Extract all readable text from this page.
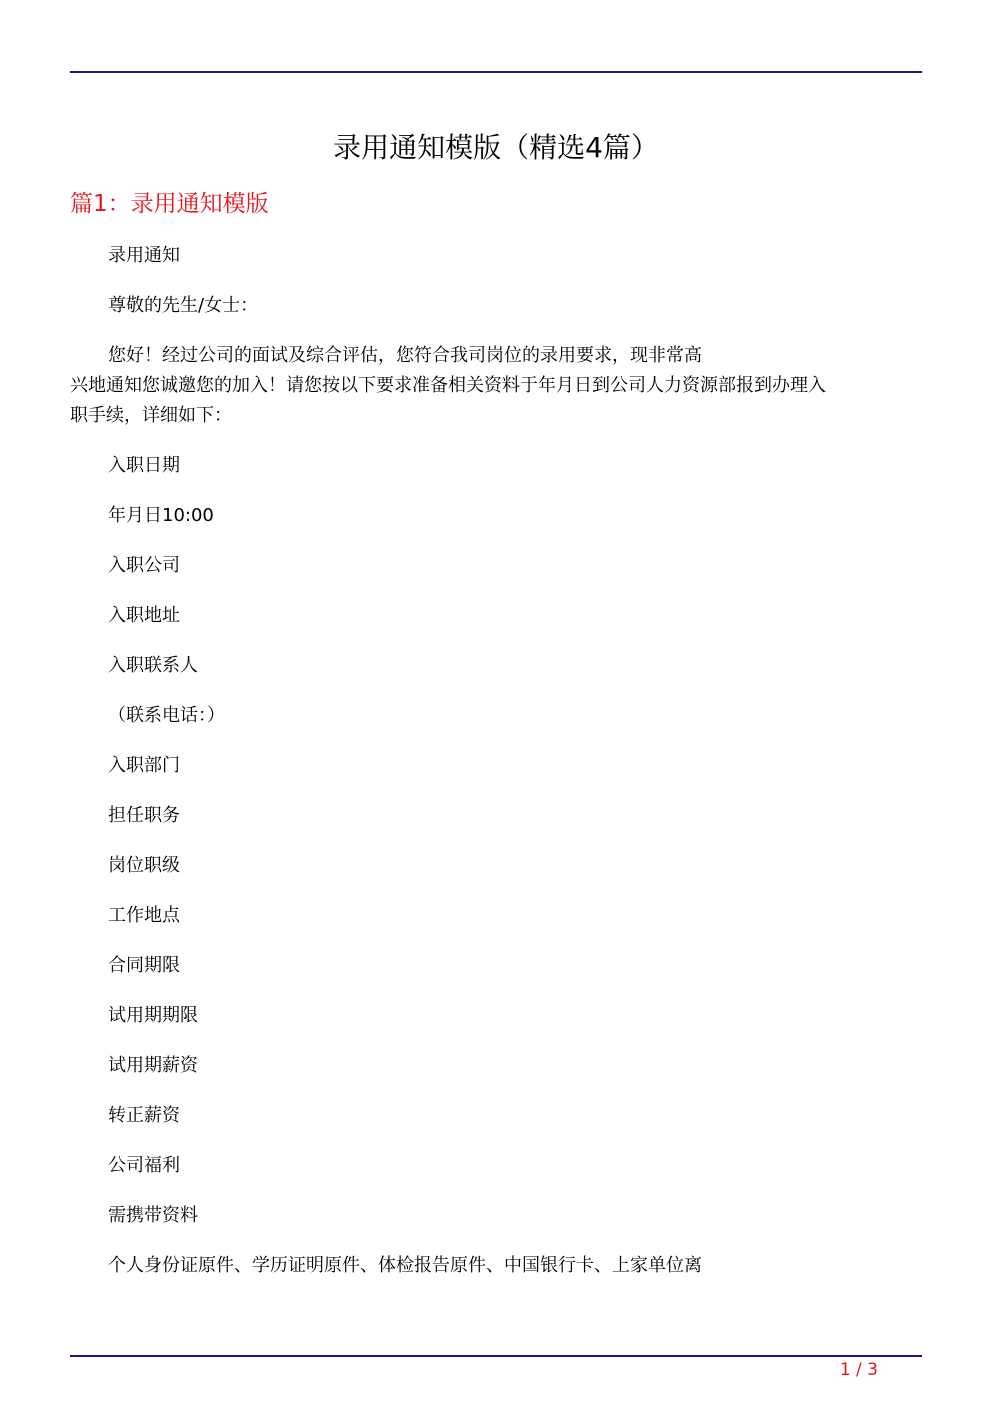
录用通知模版（精选4篇）
篇1：录用通知模版

录用通知

尊敬的先生/女士：

您好！经过公司的面试及综合评估，您符合我司岗位的录用要求，现非常高
兴地通知您诚邀您的加入！请您按以下要求准备相关资料于年月日到公司人力资源部报到办理入
职手续，详细如下：

入职日期

年月日10:00

入职公司

入职地址

入职联系人

（联系电话：）

入职部门

担任职务

岗位职级

工作地点

合同期限

试用期期限

试用期薪资

转正薪资

公司福利

需携带资料

个人身份证原件、学历证明原件、体检报告原件、中国银行卡、上家单位离

1 / 3
